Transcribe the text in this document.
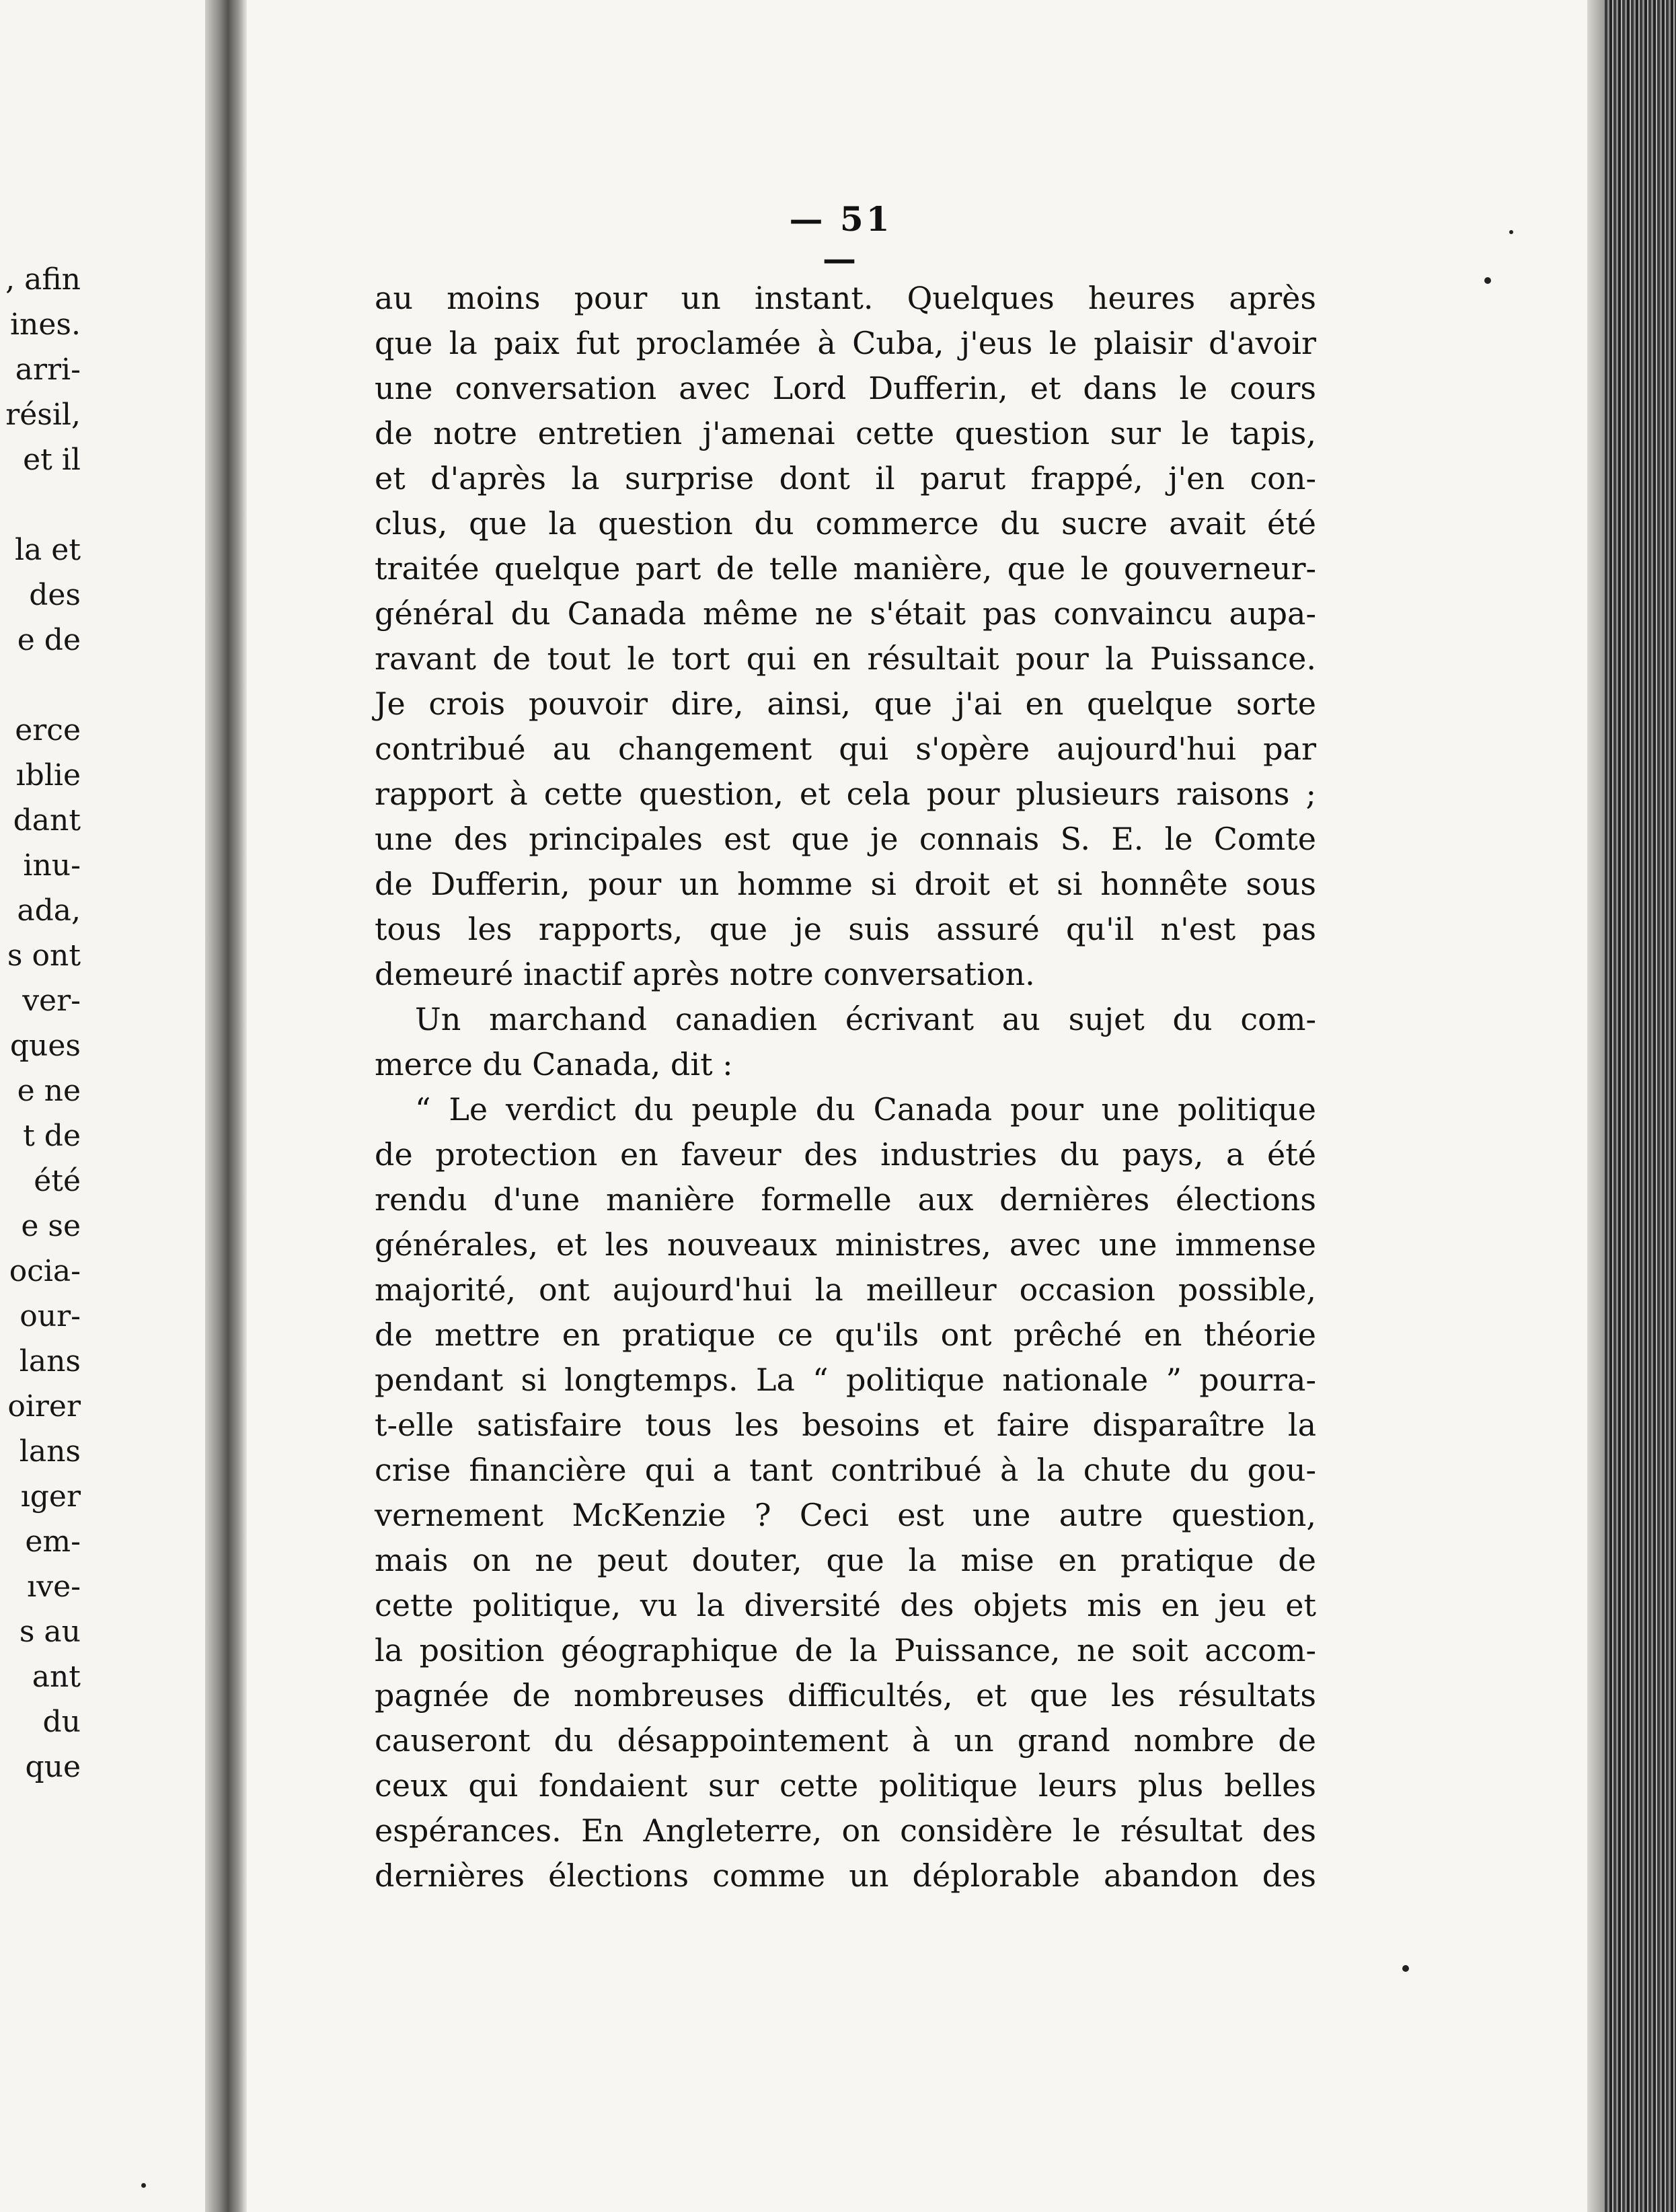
, afin
ines.
arri-
résil,
et il
la et
des
e de
erce
ıblie
dant
inu-
ada,
s ont
ver-
ques
e ne
t de
été
e se
ocia-
our-
lans
oirer
lans
ıger
em-
ıve-
s au
ant
du
que
— 51 —
au moins pour un instant. Quelques heures après
que la paix fut proclamée à Cuba, j'eus le plaisir d'avoir
une conversation avec Lord Dufferin, et dans le cours
de notre entretien j'amenai cette question sur le tapis,
et d'après la surprise dont il parut frappé, j'en con-
clus, que la question du commerce du sucre avait été
traitée quelque part de telle manière, que le gouverneur-
général du Canada même ne s'était pas convaincu aupa-
ravant de tout le tort qui en résultait pour la Puissance.
Je crois pouvoir dire, ainsi, que j'ai en quelque sorte
contribué au changement qui s'opère aujourd'hui par
rapport à cette question, et cela pour plusieurs raisons ;
une des principales est que je connais S. E. le Comte
de Dufferin, pour un homme si droit et si honnête sous
tous les rapports, que je suis assuré qu'il n'est pas
demeuré inactif après notre conversation.
Un marchand canadien écrivant au sujet du com-
merce du Canada, dit :
“ Le verdict du peuple du Canada pour une politique
de protection en faveur des industries du pays, a été
rendu d'une manière formelle aux dernières élections
générales, et les nouveaux ministres, avec une immense
majorité, ont aujourd'hui la meilleur occasion possible,
de mettre en pratique ce qu'ils ont prêché en théorie
pendant si longtemps. La “ politique nationale ” pourra-
t-elle satisfaire tous les besoins et faire disparaître la
crise financière qui a tant contribué à la chute du gou-
vernement McKenzie ? Ceci est une autre question,
mais on ne peut douter, que la mise en pratique de
cette politique, vu la diversité des objets mis en jeu et
la position géographique de la Puissance, ne soit accom-
pagnée de nombreuses difficultés, et que les résultats
causeront du désappointement à un grand nombre de
ceux qui fondaient sur cette politique leurs plus belles
espérances. En Angleterre, on considère le résultat des
dernières élections comme un déplorable abandon des
